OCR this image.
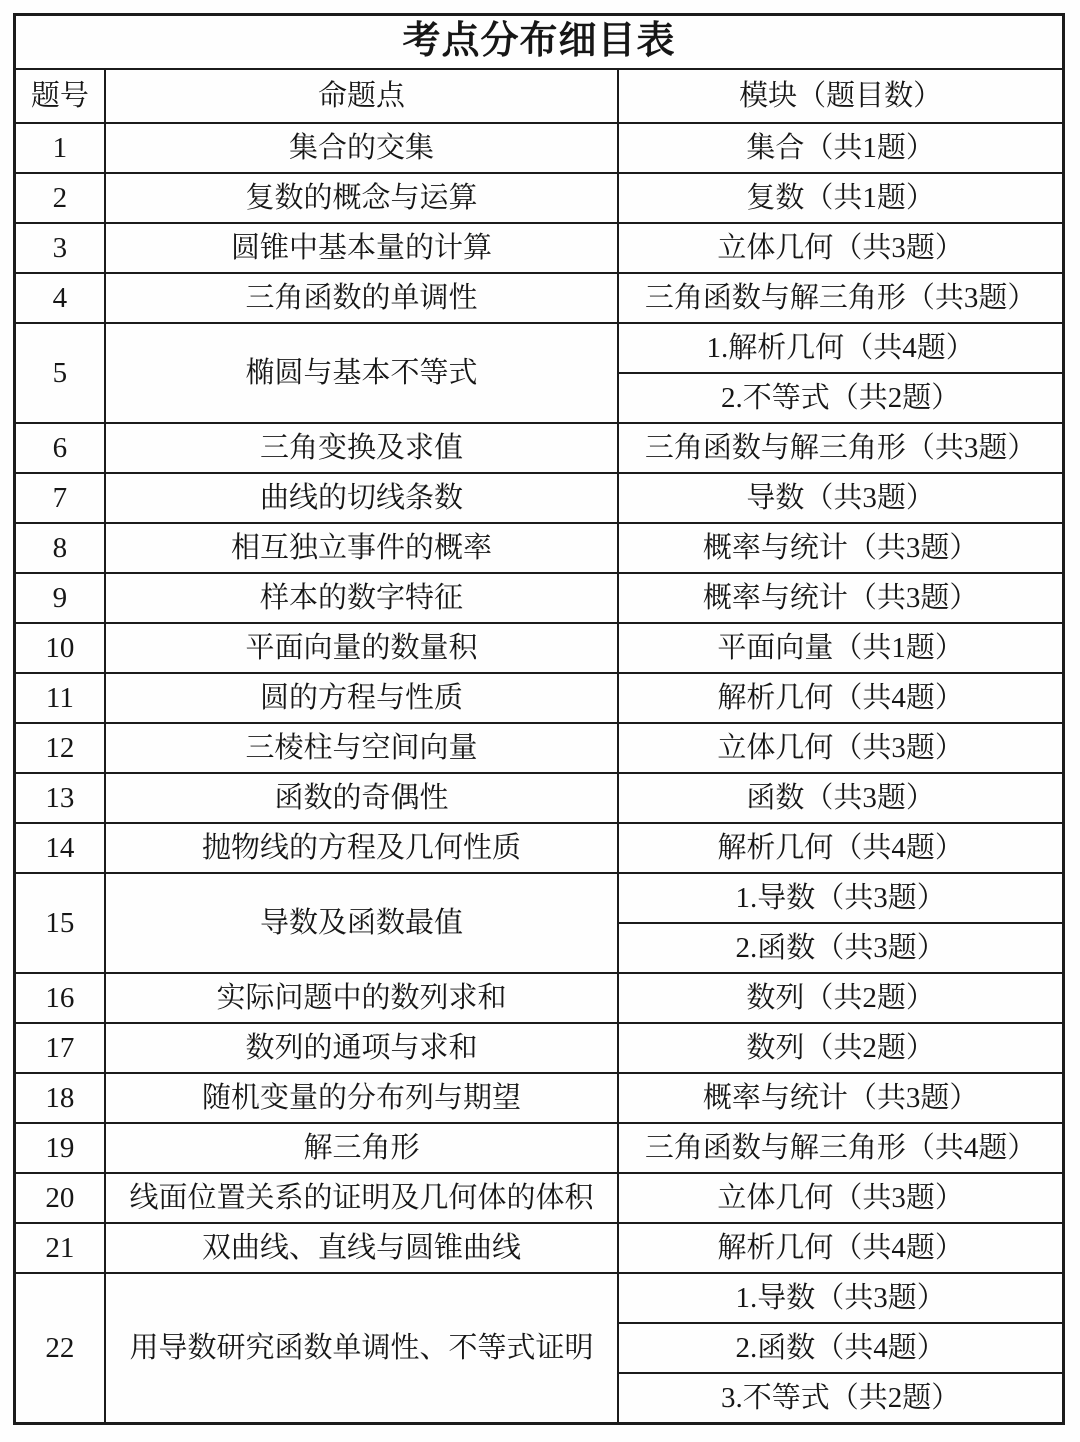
考点分布细目表		
题号	命题点	模块（题目数）
1	集合的交集	集合（共1题）
2	复数的概念与运算	复数（共1题）
3	圆锥中基本量的计算	立体几何（共3题）
4	三角函数的单调性	三角函数与解三角形（共3题）
5	椭圆与基本不等式	1.解析几何（共4题）
		2.不等式（共2题）
6	三角变换及求值	三角函数与解三角形（共3题）
7	曲线的切线条数	导数（共3题）
8	相互独立事件的概率	概率与统计（共3题）
9	样本的数字特征	概率与统计（共3题）
10	平面向量的数量积	平面向量（共1题）
11	圆的方程与性质	解析几何（共4题）
12	三棱柱与空间向量	立体几何（共3题）
13	函数的奇偶性	函数（共3题）
14	抛物线的方程及几何性质	解析几何（共4题）
15	导数及函数最值	1.导数（共3题）
		2.函数（共3题）
16	实际问题中的数列求和	数列（共2题）
17	数列的通项与求和	数列（共2题）
18	随机变量的分布列与期望	概率与统计（共3题）
19	解三角形	三角函数与解三角形（共4题）
20	线面位置关系的证明及几何体的体积	立体几何（共3题）
21	双曲线、直线与圆锥曲线	解析几何（共4题）
22	用导数研究函数单调性、不等式证明	1.导数（共3题）
		2.函数（共4题）
		3.不等式（共2题）
